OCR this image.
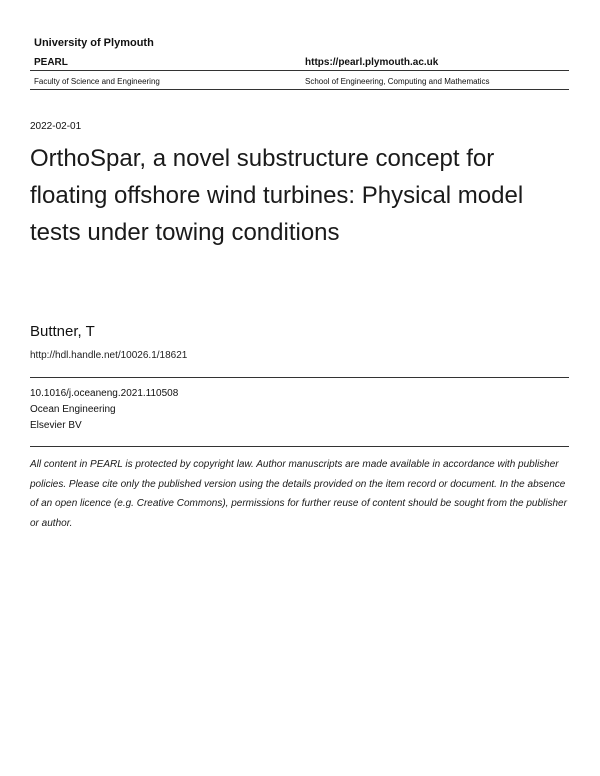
University of Plymouth
PEARL	https://pearl.plymouth.ac.uk
Faculty of Science and Engineering	School of Engineering, Computing and Mathematics
2022-02-01
OrthoSpar, a novel substructure concept for floating offshore wind turbines: Physical model tests under towing conditions
Buttner, T
http://hdl.handle.net/10026.1/18621
10.1016/j.oceaneng.2021.110508
Ocean Engineering
Elsevier BV
All content in PEARL is protected by copyright law. Author manuscripts are made available in accordance with publisher policies. Please cite only the published version using the details provided on the item record or document. In the absence of an open licence (e.g. Creative Commons), permissions for further reuse of content should be sought from the publisher or author.
